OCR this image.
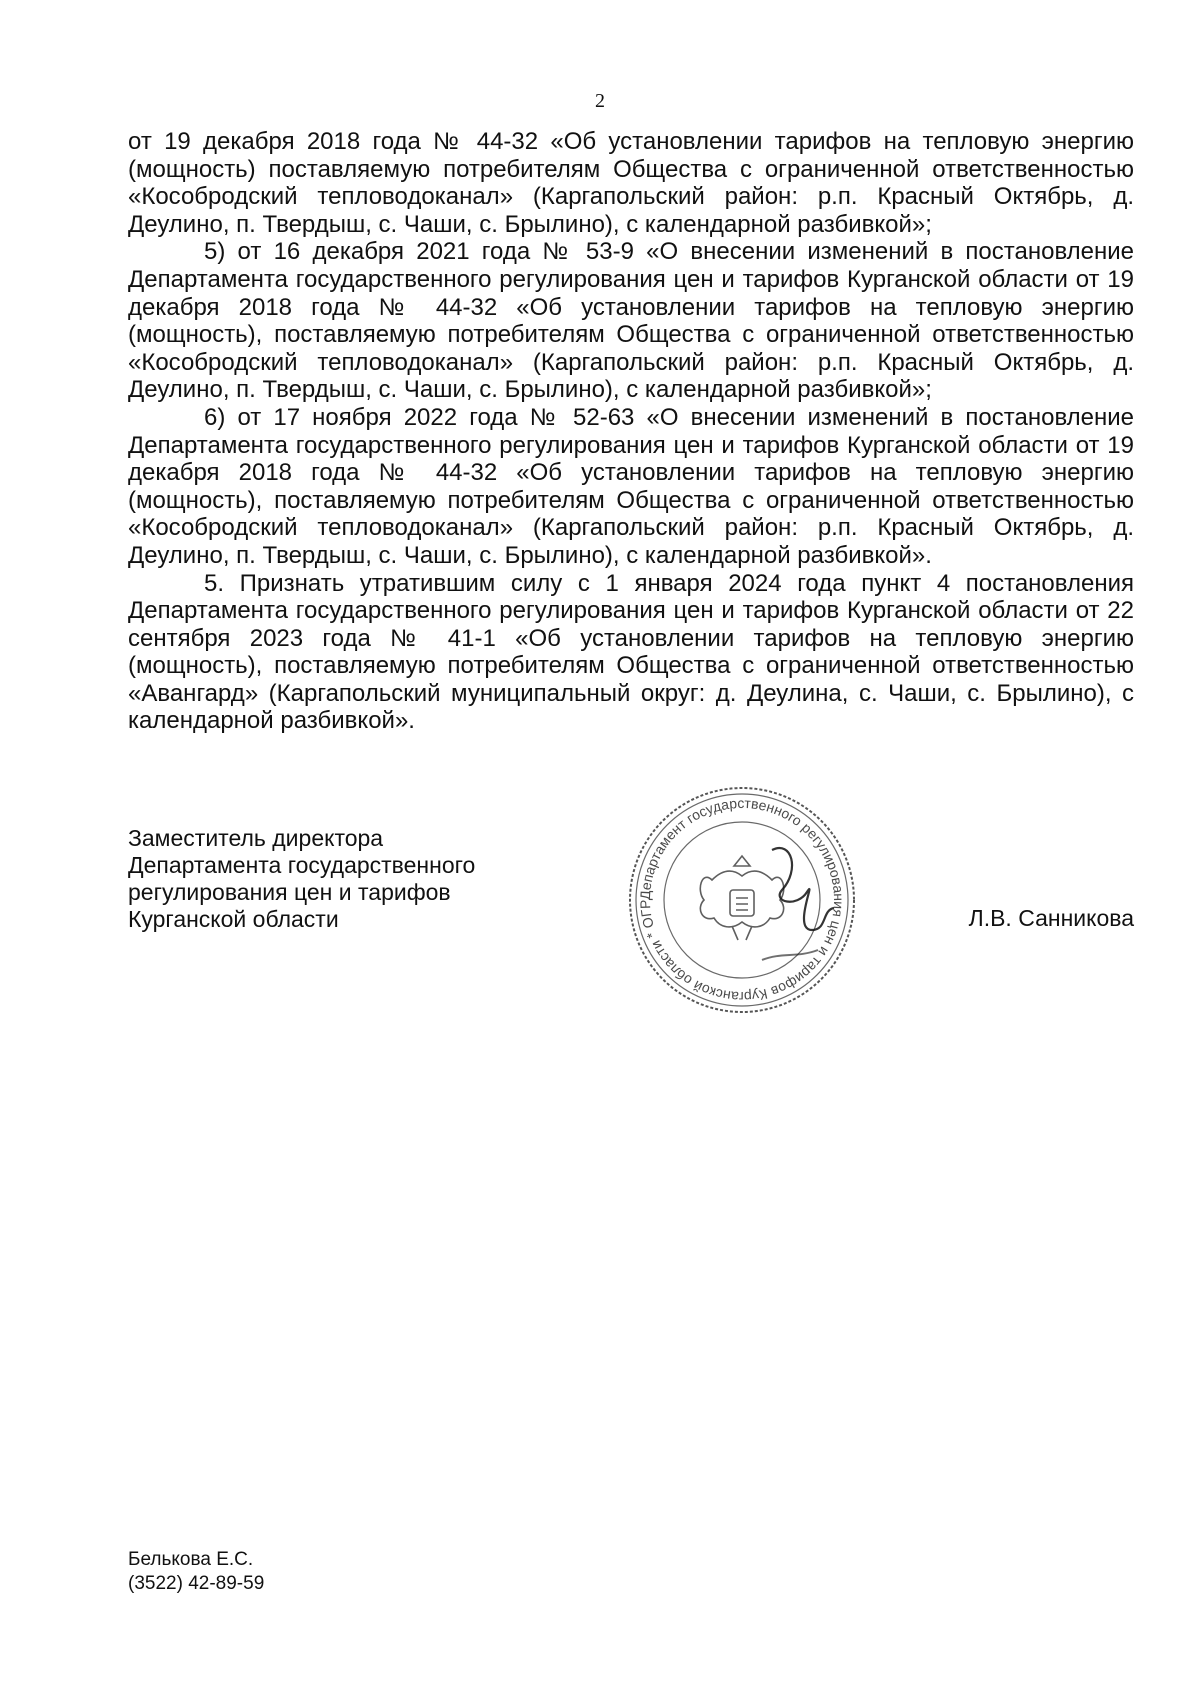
2

от 19 декабря 2018 года № 44-32 «Об установлении тарифов на тепловую энергию (мощность) поставляемую потребителям Общества с ограниченной ответственностью «Кособродский тепловодоканал» (Каргапольский район: р.п. Красный Октябрь, д. Деулино, п. Твердыш, с. Чаши, с. Брылино), с календарной разбивкой»;

5) от 16 декабря 2021 года № 53-9 «О внесении изменений в постановление Департамента государственного регулирования цен и тарифов Курганской области от 19 декабря 2018 года № 44-32 «Об установлении тарифов на тепловую энергию (мощность), поставляемую потребителям Общества с ограниченной ответственностью «Кособродский тепловодоканал» (Каргапольский район: р.п. Красный Октябрь, д. Деулино, п. Твердыш, с. Чаши, с. Брылино), с календарной разбивкой»;

6) от 17 ноября 2022 года № 52-63 «О внесении изменений в постановление Департамента государственного регулирования цен и тарифов Курганской области от 19 декабря 2018 года № 44-32 «Об установлении тарифов на тепловую энергию (мощность), поставляемую потребителям Общества с ограниченной ответственностью «Кособродский тепловодоканал» (Каргапольский район: р.п. Красный Октябрь, д. Деулино, п. Твердыш, с. Чаши, с. Брылино), с календарной разбивкой».

5. Признать утратившим силу с 1 января 2024 года пункт 4 постановления Департамента государственного регулирования цен и тарифов Курганской области от 22 сентября 2023 года № 41-1 «Об установлении тарифов на тепловую энергию (мощность), поставляемую потребителям Общества с ограниченной ответственностью «Авангард» (Каргапольский муниципальный округ: д. Деулина, с. Чаши, с. Брылино), с календарной разбивкой».

Заместитель директора
Департамента государственного
регулирования цен и тарифов
Курганской области
Департамент государственного регулирования цен и тарифов Курганской области * ОГР
Л.В. Санникова
Белькова Е.С.
(3522) 42-89-59
